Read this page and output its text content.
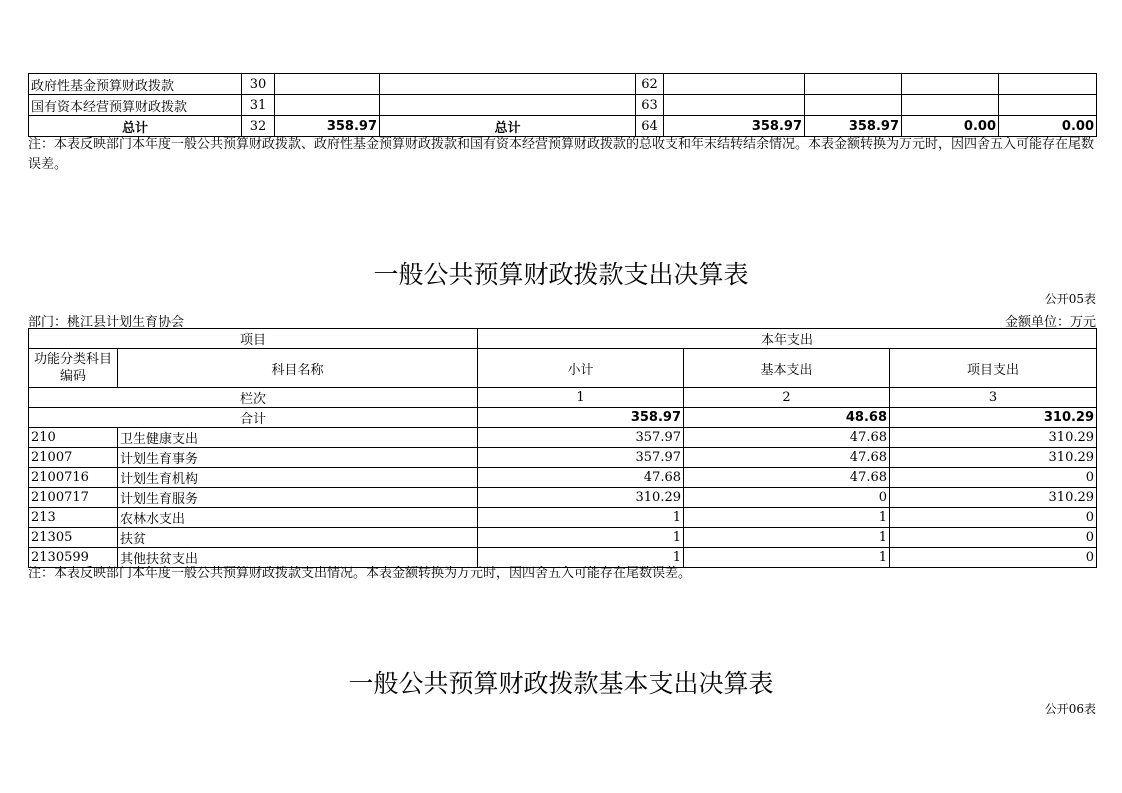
政府性基金预算财政拨款	30			62				
国有资本经营预算财政拨款	31			63				
总计	32	358.97	总计	64	358.97	358.97	0.00	0.00
注：本表反映部门本年度一般公共预算财政拨款、政府性基金预算财政拨款和国有资本经营预算财政拨款的总收支和年末结转结余情况。本表金额转换为万元时，因四舍五入可能存在尾数误差。
一般公共预算财政拨款支出决算表
公开05表
部门：桃江县计划生育协会	金额单位：万元
项目		本年支出		
功能分类科目编码	科目名称	小计	基本支出	项目支出
栏次		1	2	3
合计		358.97	48.68	310.29
210	卫生健康支出	357.97	47.68	310.29
21007	计划生育事务	357.97	47.68	310.29
2100716	计划生育机构	47.68	47.68	0
2100717	计划生育服务	310.29	0	310.29
213	农林水支出	1	1	0
21305	扶贫	1	1	0
2130599	其他扶贫支出	1	1	0
注：本表反映部门本年度一般公共预算财政拨款支出情况。本表金额转换为万元时，因四舍五入可能存在尾数误差。
一般公共预算财政拨款基本支出决算表
公开06表
